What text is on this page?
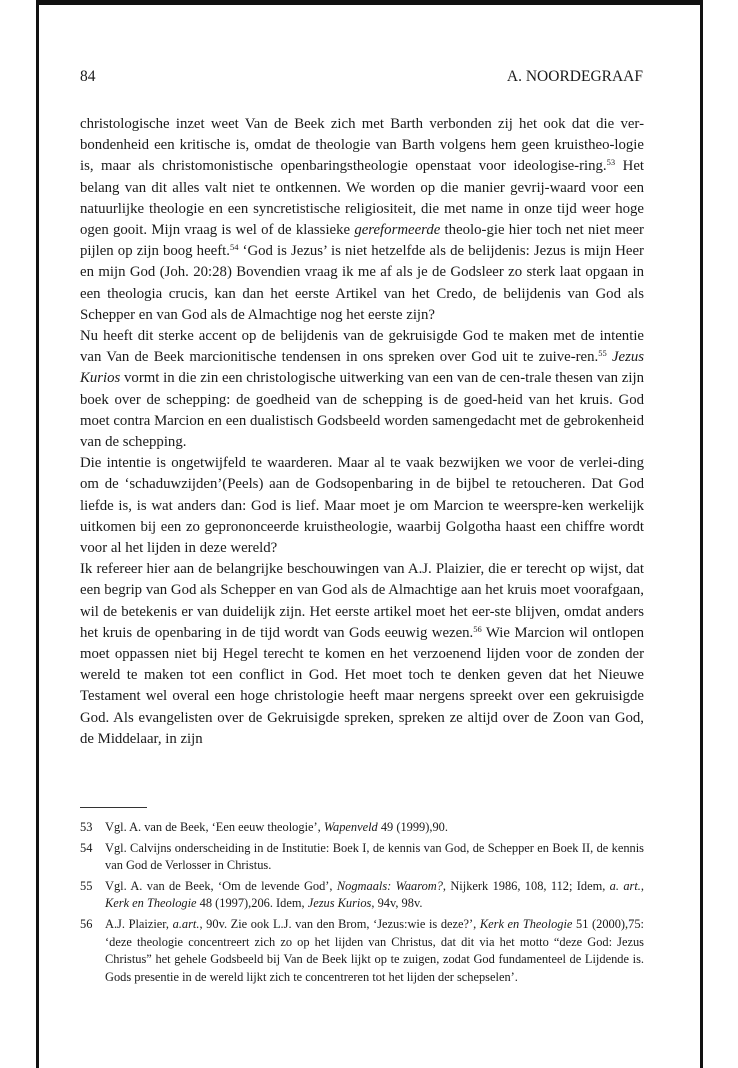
84	A. NOORDEGRAAF

christologische inzet weet Van de Beek zich met Barth verbonden zij het ook dat die ver-bondenheid een kritische is, omdat de theologie van Barth volgens hem geen kruistheo-logie is, maar als christomonistische openbaringstheologie openstaat voor ideologise-ring.$^{53}$ Het belang van dit alles valt niet te ontkennen. We worden op die manier gevrij-waard voor een natuurlijke theologie en een syncretistische religiositeit, die met name in onze tijd weer hoge ogen gooit. Mijn vraag is wel of de klassieke gereformeerde theolo-gie hier toch net niet meer pijlen op zijn boog heeft.$^{54}$ ‘God is Jezus’ is niet hetzelfde als de belijdenis: Jezus is mijn Heer en mijn God (Joh. 20:28) Bovendien vraag ik me af als je de Godsleer zo sterk laat opgaan in een theologia crucis, kan dan het eerste Artikel van het Credo, de belijdenis van God als Schepper en van God als de Almachtige nog het eerste zijn?

Nu heeft dit sterke accent op de belijdenis van de gekruisigde God te maken met de intentie van Van de Beek marcionitische tendensen in ons spreken over God uit te zuive-ren.$^{55}$ Jezus Kurios vormt in die zin een christologische uitwerking van een van de cen-trale thesen van zijn boek over de schepping: de goedheid van de schepping is de goed-heid van het kruis. God moet contra Marcion en een dualistisch Godsbeeld worden samengedacht met de gebrokenheid van de schepping.

Die intentie is ongetwijfeld te waarderen. Maar al te vaak bezwijken we voor de verlei-ding om de ‘schaduwzijden’(Peels) aan de Godsopenbaring in de bijbel te retoucheren. Dat God liefde is, is wat anders dan: God is lief. Maar moet je om Marcion te weerspre-ken werkelijk uitkomen bij een zo geprononceerde kruistheologie, waarbij Golgotha haast een chiffre wordt voor al het lijden in deze wereld?

Ik refereer hier aan de belangrijke beschouwingen van A.J. Plaizier, die er terecht op wijst, dat een begrip van God als Schepper en van God als de Almachtige aan het kruis moet voorafgaan, wil de betekenis er van duidelijk zijn. Het eerste artikel moet het eer-ste blijven, omdat anders het kruis de openbaring in de tijd wordt van Gods eeuwig wezen.$^{56}$ Wie Marcion wil ontlopen moet oppassen niet bij Hegel terecht te komen en het verzoenend lijden voor de zonden der wereld te maken tot een conflict in God. Het moet toch te denken geven dat het Nieuwe Testament wel overal een hoge christologie heeft maar nergens spreekt over een gekruisigde God. Als evangelisten over de Gekruisigde spreken, spreken ze altijd over de Zoon van God, de Middelaar, in zijn

53	Vgl. A. van de Beek, ‘Een eeuw theologie’, Wapenveld 49 (1999),90.
54	Vgl. Calvijns onderscheiding in de Institutie: Boek I, de kennis van God, de Schepper en Boek II, de kennis van God de Verlosser in Christus.
55	Vgl. A. van de Beek, ‘Om de levende God’, Nogmaals: Waarom?, Nijkerk 1986, 108, 112; Idem, a. art., Kerk en Theologie 48 (1997),206. Idem, Jezus Kurios, 94v, 98v.
56	A.J. Plaizier, a.art., 90v. Zie ook L.J. van den Brom, ‘Jezus:wie is deze?’, Kerk en Theologie 51 (2000),75: ‘deze theologie concentreert zich zo op het lijden van Christus, dat dit via het motto “deze God: Jezus Christus” het gehele Godsbeeld bij Van de Beek lijkt op te zuigen, zodat God fundamenteel de Lijdende is. Gods presentie in de wereld lijkt zich te concentreren tot het lijden der schepselen’.
